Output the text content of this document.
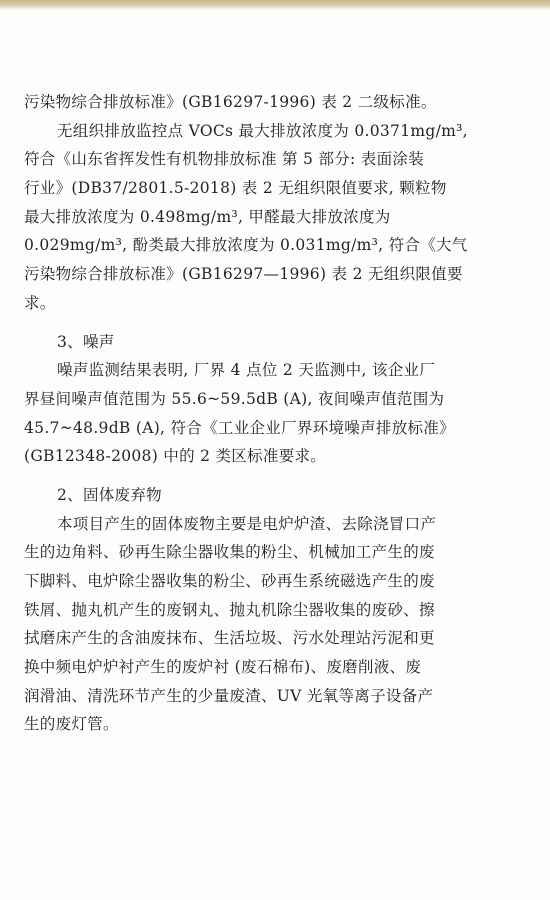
污染物综合排放标准》(GB16297-1996) 表 2 二级标准。
无组织排放监控点 VOCs 最大排放浓度为 0.0371mg/m³,
符合《山东省挥发性有机物排放标准 第 5 部分: 表面涂装
行业》(DB37/2801.5-2018) 表 2 无组织限值要求, 颗粒物
最大排放浓度为 0.498mg/m³, 甲醛最大排放浓度为
0.029mg/m³, 酚类最大排放浓度为 0.031mg/m³, 符合《大气
污染物综合排放标准》(GB16297—1996) 表 2 无组织限值要
求。
3、噪声
噪声监测结果表明, 厂界 4 点位 2 天监测中, 该企业厂
界昼间噪声值范围为 55.6~59.5dB (A), 夜间噪声值范围为
45.7~48.9dB (A), 符合《工业企业厂界环境噪声排放标准》
(GB12348-2008) 中的 2 类区标准要求。
2、固体废弃物
本项目产生的固体废物主要是电炉炉渣、去除浇冒口产
生的边角料、砂再生除尘器收集的粉尘、机械加工产生的废
下脚料、电炉除尘器收集的粉尘、砂再生系统磁选产生的废
铁屑、抛丸机产生的废钢丸、抛丸机除尘器收集的废砂、擦
拭磨床产生的含油废抹布、生活垃圾、污水处理站污泥和更
换中频电炉炉衬产生的废炉衬 (废石棉布)、废磨削液、废
润滑油、清洗环节产生的少量废渣、UV 光氧等离子设备产
生的废灯管。
